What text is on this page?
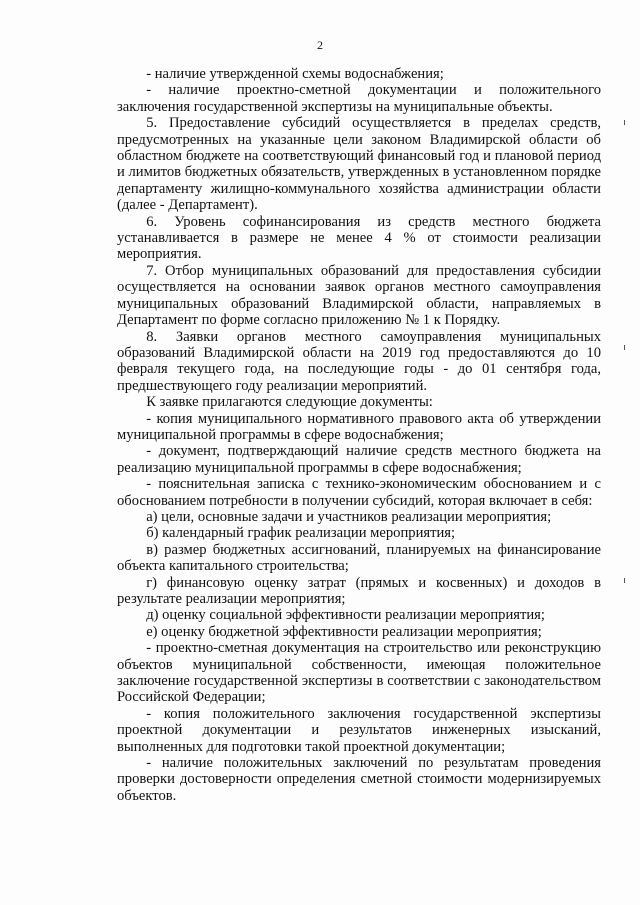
2

- наличие утвержденной схемы водоснабжения;

- наличие проектно-сметной документации и положительного заключения государственной экспертизы на муниципальные объекты.

5. Предоставление субсидий осуществляется в пределах средств, предусмотренных на указанные цели законом Владимирской области об областном бюджете на соответствующий финансовый год и плановой период и лимитов бюджетных обязательств, утвержденных в установленном порядке департаменту жилищно-коммунального хозяйства администрации области (далее - Департамент).

6. Уровень софинансирования из средств местного бюджета устанавливается в размере не менее 4 % от стоимости реализации мероприятия.

7. Отбор муниципальных образований для предоставления субсидии осуществляется на основании заявок органов местного самоуправления муниципальных образований Владимирской области, направляемых в Департамент по форме согласно приложению № 1 к Порядку.

8. Заявки органов местного самоуправления муниципальных образований Владимирской области на 2019 год предоставляются до 10 февраля текущего года, на последующие годы - до 01 сентября года, предшествующего году реализации мероприятий.

К заявке прилагаются следующие документы:

- копия муниципального нормативного правового акта об утверждении муниципальной программы в сфере водоснабжения;

- документ, подтверждающий наличие средств местного бюджета на реализацию муниципальной программы в сфере водоснабжения;

- пояснительная записка с технико-экономическим обоснованием и с обоснованием потребности в получении субсидий, которая включает в себя:

а) цели, основные задачи и участников реализации мероприятия;

б) календарный график реализации мероприятия;

в) размер бюджетных ассигнований, планируемых на финансирование объекта капитального строительства;

г) финансовую оценку затрат (прямых и косвенных) и доходов в результате реализации мероприятия;

д) оценку социальной эффективности реализации мероприятия;

е) оценку бюджетной эффективности реализации мероприятия;

- проектно-сметная документация на строительство или реконструкцию объектов муниципальной собственности, имеющая положительное заключение государственной экспертизы в соответствии с законодательством Российской Федерации;

- копия положительного заключения государственной экспертизы проектной документации и результатов инженерных изысканий, выполненных для подготовки такой проектной документации;

- наличие положительных заключений по результатам проведения проверки достоверности определения сметной стоимости модернизируемых объектов.
